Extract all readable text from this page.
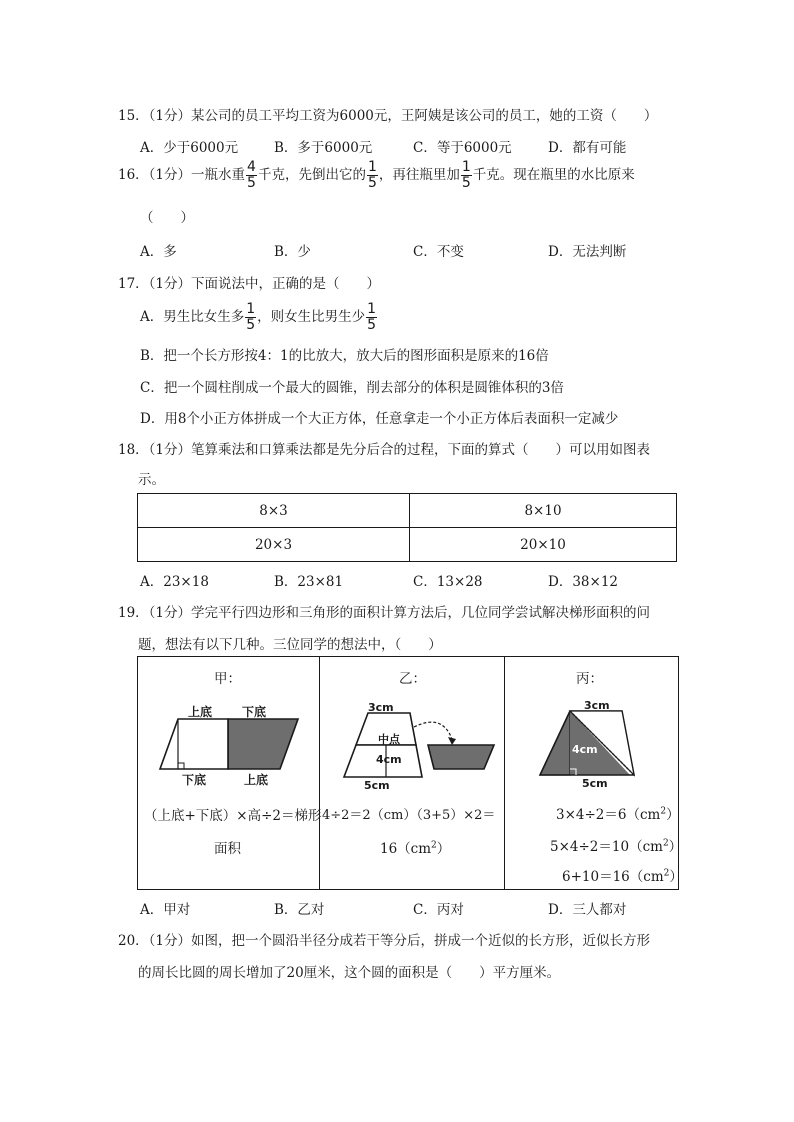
15．（1分）某公司的员工平均工资为6000元，王阿姨是该公司的员工，她的工资（　　）
A．少于6000元	B．多于6000元	C．等于6000元	D．都有可能
16．（1分）一瓶水重 $\frac{4}{5}$ 千克，先倒出它的 $\frac{1}{5}$ ，再往瓶里加 $\frac{1}{5}$ 千克。现在瓶里的水比原来
（　　）
A．多	B．少	C．不变	D．无法判断
17．（1分）下面说法中，正确的是（　　）
A．男生比女生多 $\frac{1}{5}$ ，则女生比男生少 $\frac{1}{5}$
B．把一个长方形按4：1的比放大，放大后的图形面积是原来的16倍
C．把一个圆柱削成一个最大的圆锥，削去部分的体积是圆锥体积的3倍
D．用8个小正方体拼成一个大正方体，任意拿走一个小正方体后表面积一定减少
18．（1分）笔算乘法和口算乘法都是先分后合的过程，下面的算式（　　）可以用如图表
示。
8×3	8×10
20×3	20×10
A．23×18	B．23×81	C．13×28	D．38×12
19．（1分）学完平行四边形和三角形的面积计算方法后，几位同学尝试解决梯形面积的问
题，想法有以下几种。三位同学的想法中，（　　）
甲：
上底 下底
下底	上底
（上底+下底）×高÷2＝梯形
面积
乙：
3cm
中点
4cm
5cm
4÷2＝2（cm）（3+5）×2＝
$16(cm^2)$
丙：
3cm
4cm
5cm
$3\times 4\div 2=6(cm^2)$
$5\times 4\div 2=10(cm^2)$
$6+10=16(cm^2)$
A．甲对	B．乙对	C．丙对	D．三人都对
20．（1分）如图，把一个圆沿半径分成若干等分后，拼成一个近似的长方形，近似长方形
的周长比圆的周长增加了20厘米，这个圆的面积是（　　）平方厘米。
